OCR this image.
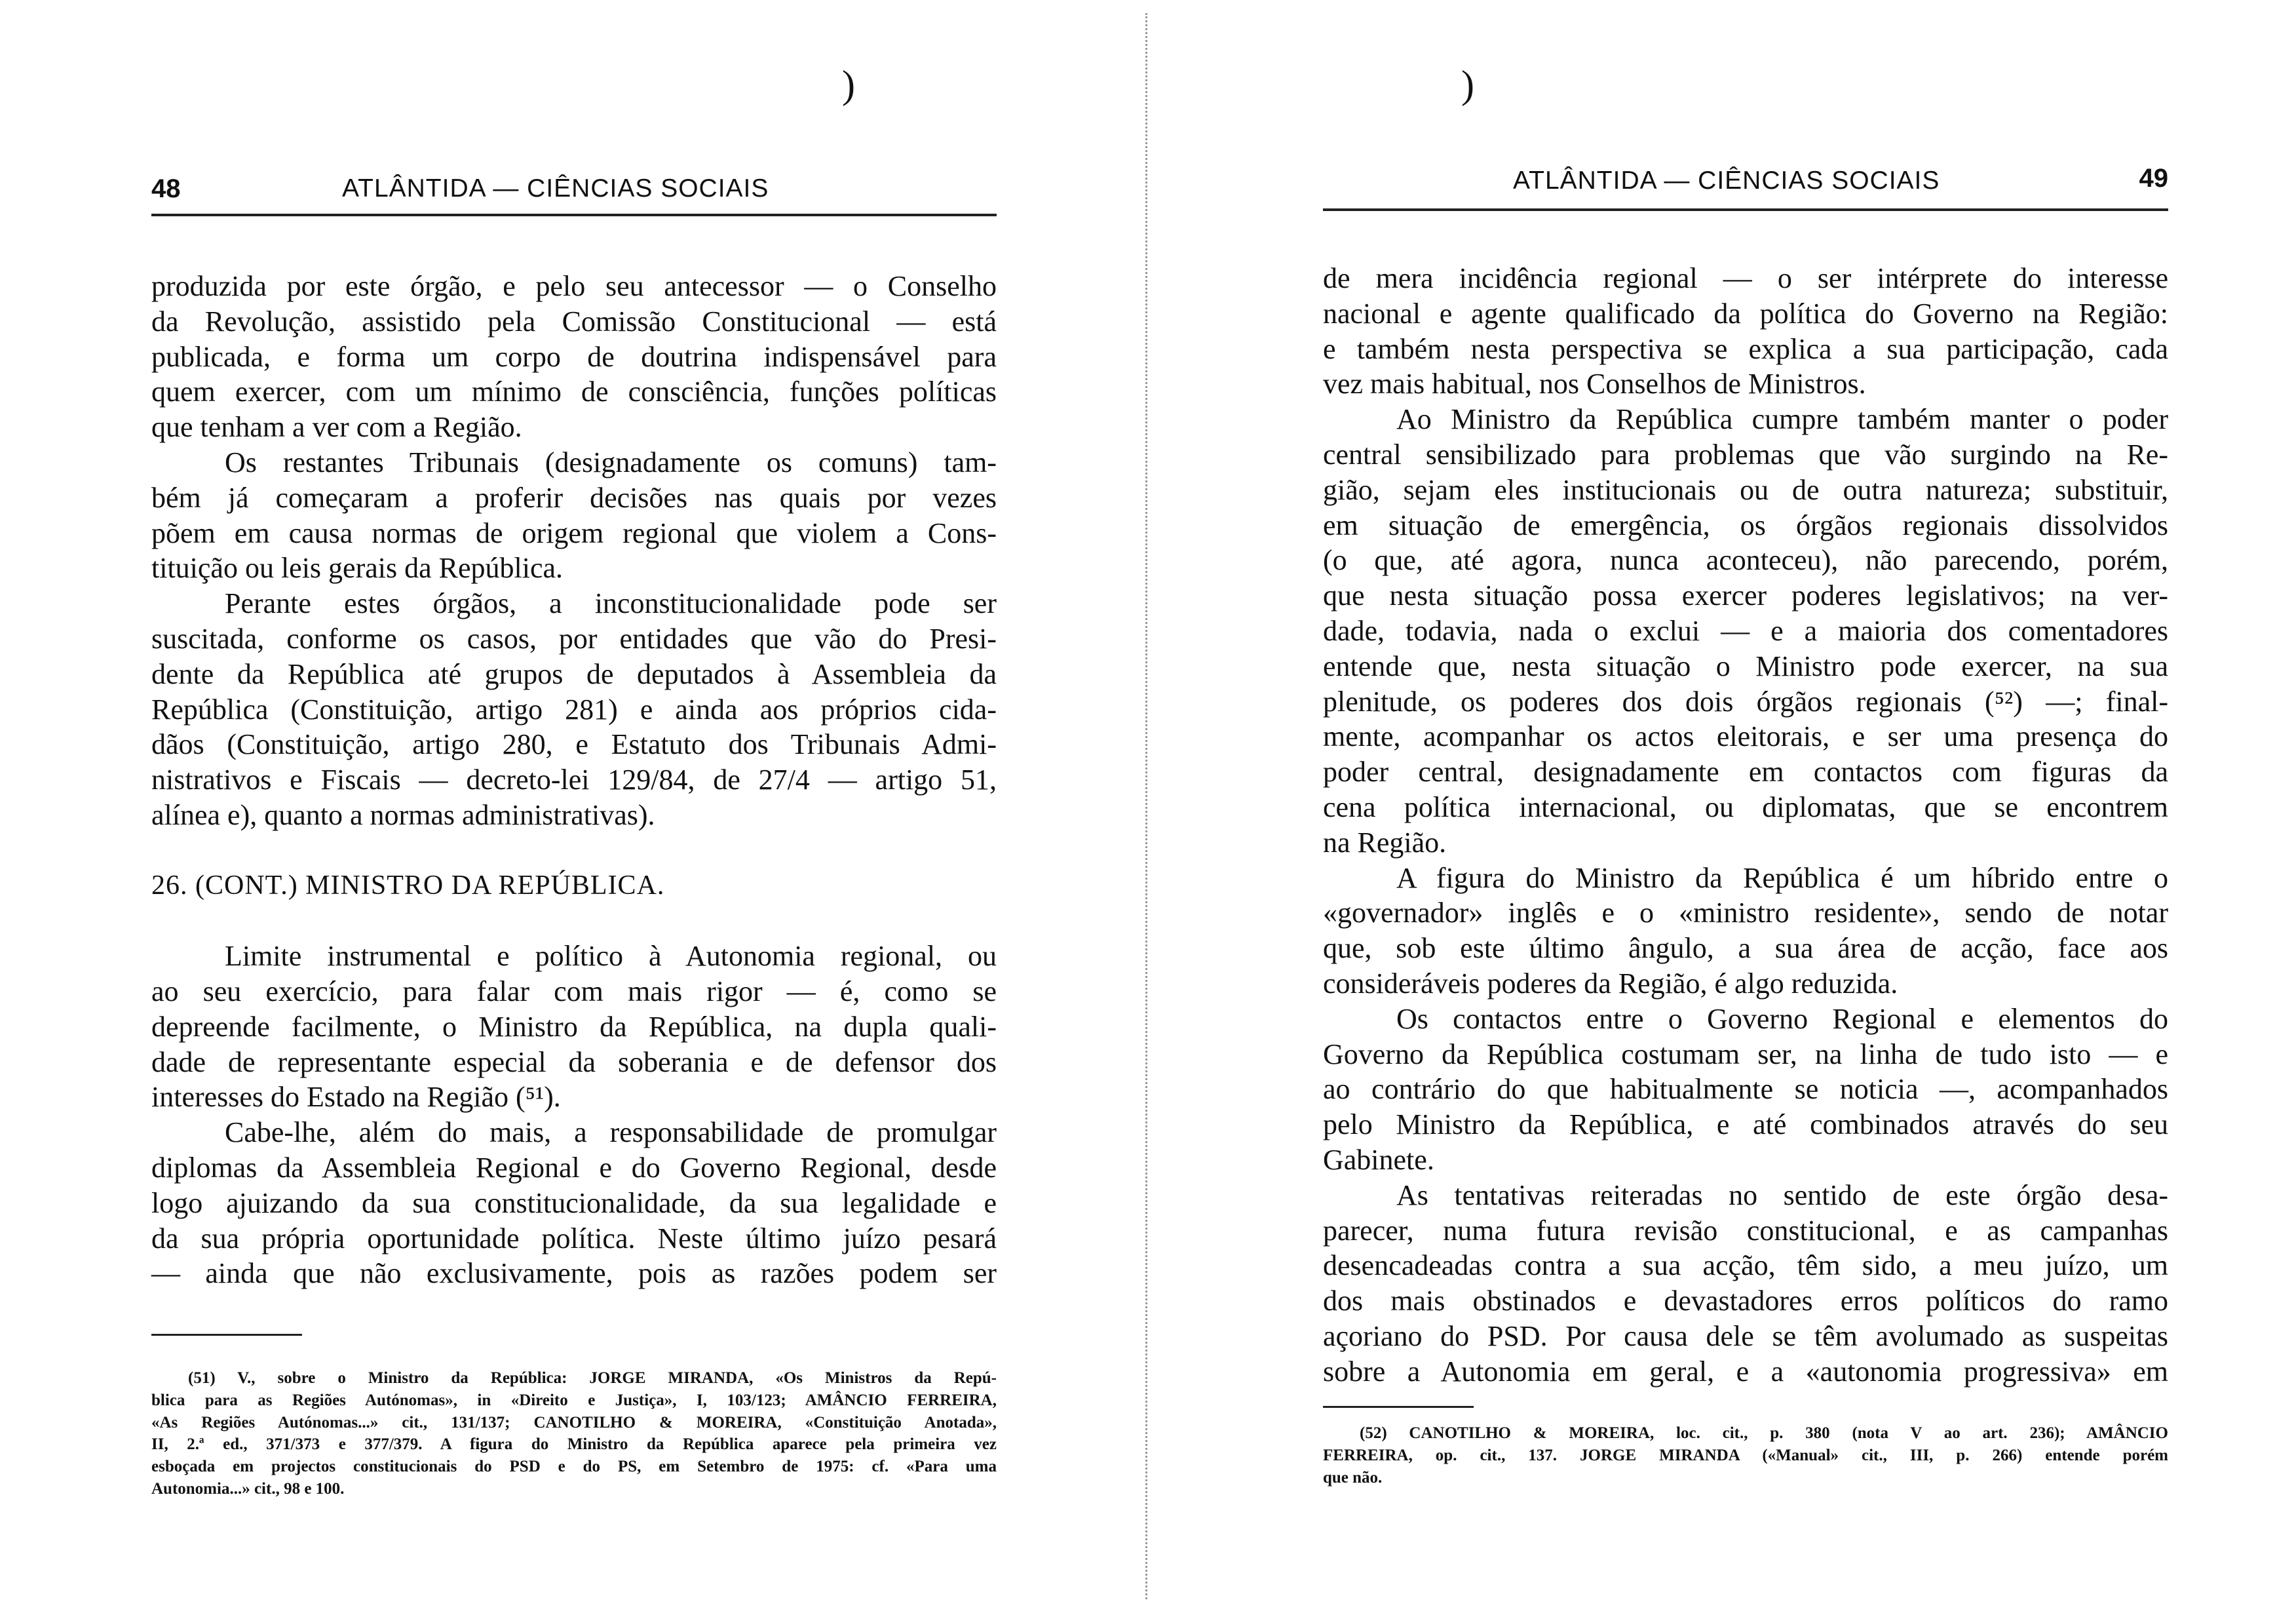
)	)
48	ATLÂNTIDA — CIÊNCIAS SOCIAIS
produzida por este órgão, e pelo seu antecessor — o Conselho
da Revolução, assistido pela Comissão Constitucional — está
publicada, e forma um corpo de doutrina indispensável para
quem exercer, com um mínimo de consciência, funções políticas
que tenham a ver com a Região.
Os restantes Tribunais (designadamente os comuns) tam-
bém já começaram a proferir decisões nas quais por vezes
põem em causa normas de origem regional que violem a Cons-
tituição ou leis gerais da República.
Perante estes órgãos, a inconstitucionalidade pode ser
suscitada, conforme os casos, por entidades que vão do Presi-
dente da República até grupos de deputados à Assembleia da
República (Constituição, artigo 281) e ainda aos próprios cida-
dãos (Constituição, artigo 280, e Estatuto dos Tribunais Admi-
nistrativos e Fiscais — decreto-lei 129/84, de 27/4 — artigo 51,
alínea e), quanto a normas administrativas).
26. (CONT.) MINISTRO DA REPÚBLICA.
Limite instrumental e político à Autonomia regional, ou
ao seu exercício, para falar com mais rigor — é, como se
depreende facilmente, o Ministro da República, na dupla quali-
dade de representante especial da soberania e de defensor dos
interesses do Estado na Região (⁵¹).
Cabe-lhe, além do mais, a responsabilidade de promulgar
diplomas da Assembleia Regional e do Governo Regional, desde
logo ajuizando da sua constitucionalidade, da sua legalidade e
da sua própria oportunidade política. Neste último juízo pesará
— ainda que não exclusivamente, pois as razões podem ser
(51) V., sobre o Ministro da República: JORGE MIRANDA, «Os Ministros da Repú-
blica para as Regiões Autónomas», in «Direito e Justiça», I, 103/123; AMÂNCIO FERREIRA,
«As Regiões Autónomas...» cit., 131/137; CANOTILHO & MOREIRA, «Constituição Anotada»,
II, 2.ª ed., 371/373 e 377/379. A figura do Ministro da República aparece pela primeira vez
esboçada em projectos constitucionais do PSD e do PS, em Setembro de 1975: cf. «Para uma
Autonomia...» cit., 98 e 100.
49
ATLÂNTIDA — CIÊNCIAS SOCIAIS
de mera incidência regional — o ser intérprete do interesse
nacional e agente qualificado da política do Governo na Região:
e também nesta perspectiva se explica a sua participação, cada
vez mais habitual, nos Conselhos de Ministros.
Ao Ministro da República cumpre também manter o poder
central sensibilizado para problemas que vão surgindo na Re-
gião, sejam eles institucionais ou de outra natureza; substituir,
em situação de emergência, os órgãos regionais dissolvidos
(o que, até agora, nunca aconteceu), não parecendo, porém,
que nesta situação possa exercer poderes legislativos; na ver-
dade, todavia, nada o exclui — e a maioria dos comentadores
entende que, nesta situação o Ministro pode exercer, na sua
plenitude, os poderes dos dois órgãos regionais (⁵²) —; final-
mente, acompanhar os actos eleitorais, e ser uma presença do
poder central, designadamente em contactos com figuras da
cena política internacional, ou diplomatas, que se encontrem
na Região.
A figura do Ministro da República é um híbrido entre o
«governador» inglês e o «ministro residente», sendo de notar
que, sob este último ângulo, a sua área de acção, face aos
consideráveis poderes da Região, é algo reduzida.
Os contactos entre o Governo Regional e elementos do
Governo da República costumam ser, na linha de tudo isto — e
ao contrário do que habitualmente se noticia —, acompanhados
pelo Ministro da República, e até combinados através do seu
Gabinete.
As tentativas reiteradas no sentido de este órgão desa-
parecer, numa futura revisão constitucional, e as campanhas
desencadeadas contra a sua acção, têm sido, a meu juízo, um
dos mais obstinados e devastadores erros políticos do ramo
açoriano do PSD. Por causa dele se têm avolumado as suspeitas
sobre a Autonomia em geral, e a «autonomia progressiva» em
(52) CANOTILHO & MOREIRA, loc. cit., p. 380 (nota V ao art. 236); AMÂNCIO
FERREIRA, op. cit., 137. JORGE MIRANDA («Manual» cit., III, p. 266) entende porém
que não.
